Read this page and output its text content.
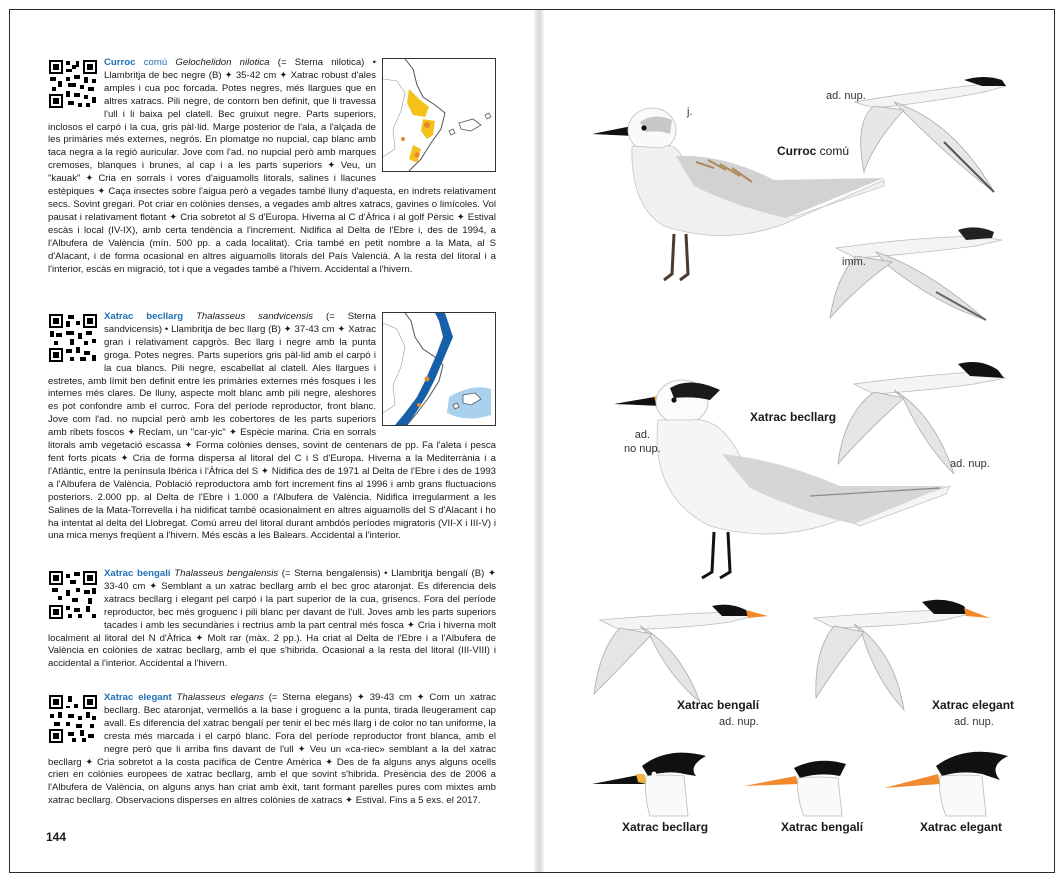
Curroc comú Gelochelidon nilotica (= Sterna nilotica) • Llambritja de bec negre (B) ✦ 35-42 cm ✦ Xatrac robust d'ales amples i cua poc forcada. Potes negres, més llargues que en altres xatracs. Pili negre, de contorn ben definit, que li travessa l'ull i li baixa pel clatell. Bec gruixut negre. Parts superiors, inclosos el carpó i la cua, gris pàl·lid. Marge posterior de l'ala, a l'alçada de les primàries més externes, negrós. En plomatge no nupcial, cap blanc amb taca negra a la regió auricular. Jove com l'ad. no nupcial però amb marques cremoses, blanques i brunes, al cap i a les parts superiors ✦ Veu, un "kauak" ✦ Cria en sorrals i vores d'aiguamolls litorals, salines i llacunes estèpiques ✦ Caça insectes sobre l'aigua però a vegades també lluny d'aquesta, en indrets relativament secs. Sovint gregari. Pot criar en colònies denses, a vegades amb altres xatracs, gavines o limícoles. Vol pausat i relativament flotant ✦ Cria sobretot al S d'Europa. Hiverna al C d'Àfrica i al golf Pèrsic ✦ Estival escàs i local (IV-IX), amb certa tendència a l'increment. Nidifica al Delta de l'Ebre i, des de 1994, a l'Albufera de València (mín. 500 pp. a cada localitat). Cria també en petit nombre a la Mata, al S d'Alacant, i de forma ocasional en altres aiguamolls litorals del País Valencià. A la resta del litoral i a l'interior, escàs en migració, tot i que a vegades també a l'hivern. Accidental a l'hivern.
Xatrac becllarg Thalasseus sandvicensis (= Sterna sandvicensis) • Llambritja de bec llarg (B) ✦ 37-43 cm ✦ Xatrac gran i relativament capgròs. Bec llarg i negre amb la punta groga. Potes negres. Parts superiors gris pàl·lid amb el carpó i la cua blancs. Pili negre, escabellat al clatell. Ales llargues i estretes, amb límit ben definit entre les primàries externes més fosques i les internes més clares. De lluny, aspecte molt blanc amb pili negre, aleshores es pot confondre amb el curroc. Fora del període reproductor, front blanc. Jove com l'ad. no nupcial però amb les cobertores de les parts superiors amb ribets foscos ✦ Reclam, un "car-yic" ✦ Espècie marina. Cria en sorrals litorals amb vegetació escassa ✦ Forma colònies denses, sovint de centenars de pp. Fa l'aleta i pesca fent forts picats ✦ Cria de forma dispersa al litoral del C i S d'Europa. Hiverna a la Mediterrània i a l'Atlàntic, entre la península Ibèrica i l'Àfrica del S ✦ Nidifica des de 1971 al Delta de l'Ebre i des de 1993 a l'Albufera de València. Població reproductora amb fort increment fins al 1996 i amb grans fluctuacions posteriors. 2.000 pp. al Delta de l'Ebre i 1.000 a l'Albufera de València. Nidifica irregularment a les Salines de la Mata-Torrevella i ha nidificat també ocasionalment en altres aiguamolls del S d'Alacant i ho ha intentat al delta del Llobregat. Comú arreu del litoral durant ambdós períodes migratoris (VII-X i III-V) i una mica menys freqüent a l'hivern. Més escàs a les Balears. Accidental a l'interior.
Xatrac bengalí Thalasseus bengalensis (= Sterna bengalensis) • Llambritja bengalí (B) ✦ 33-40 cm ✦ Semblant a un xatrac becllarg amb el bec groc ataronjat. Es diferencia dels xatracs becllarg i elegant pel carpó i la part superior de la cua, grisencs. Fora del període reproductor, bec més groguenc i pili blanc per davant de l'ull. Joves amb les parts superiors tacades i amb les secundàries i rectrius amb la part central més fosca ✦ Cria i hiverna molt localment al litoral del N d'Àfrica ✦ Molt rar (màx. 2 pp.). Ha criat al Delta de l'Ebre i a l'Albufera de València en colònies de xatrac becllarg, amb el que s'hibrida. Ocasional a la resta del litoral (III-VIII) i accidental a l'interior. Accidental a l'hivern.
Xatrac elegant Thalasseus elegans (= Sterna elegans) ✦ 39-43 cm ✦ Com un xatrac becllarg. Bec ataronjat, vermellós a la base i groguenc a la punta, tirada lleugerament cap avall. Es diferencia del xatrac bengalí per tenir el bec més llarg i de color no tan uniforme, la cresta més marcada i el carpó blanc. Fora del període reproductor front blanca, amb el negre però que li arriba fins davant de l'ull ✦ Veu un «ca-riec» semblant a la del xatrac becllarg ✦ Cria sobretot a la costa pacífica de Centre Amèrica ✦ Des de fa alguns anys alguns ocells crien en colònies europees de xatrac becllarg, amb el que sovint s'hibrida. Presència des de 2006 a l'Albufera de València, on alguns anys han criat amb èxit, tant formant parelles pures com mixtes amb xatrac becllarg. Observacions disperses en altres colònies de xatracs ✦ Estival. Fins a 5 exs. el 2017.
144
j.
ad. nup.
Curroc comú
imm.
ad.
no nup.
Xatrac becllarg
ad. nup.
Xatrac bengalí
ad. nup.
Xatrac elegant
ad. nup.
Xatrac becllarg	Xatrac bengalí	Xatrac elegant
